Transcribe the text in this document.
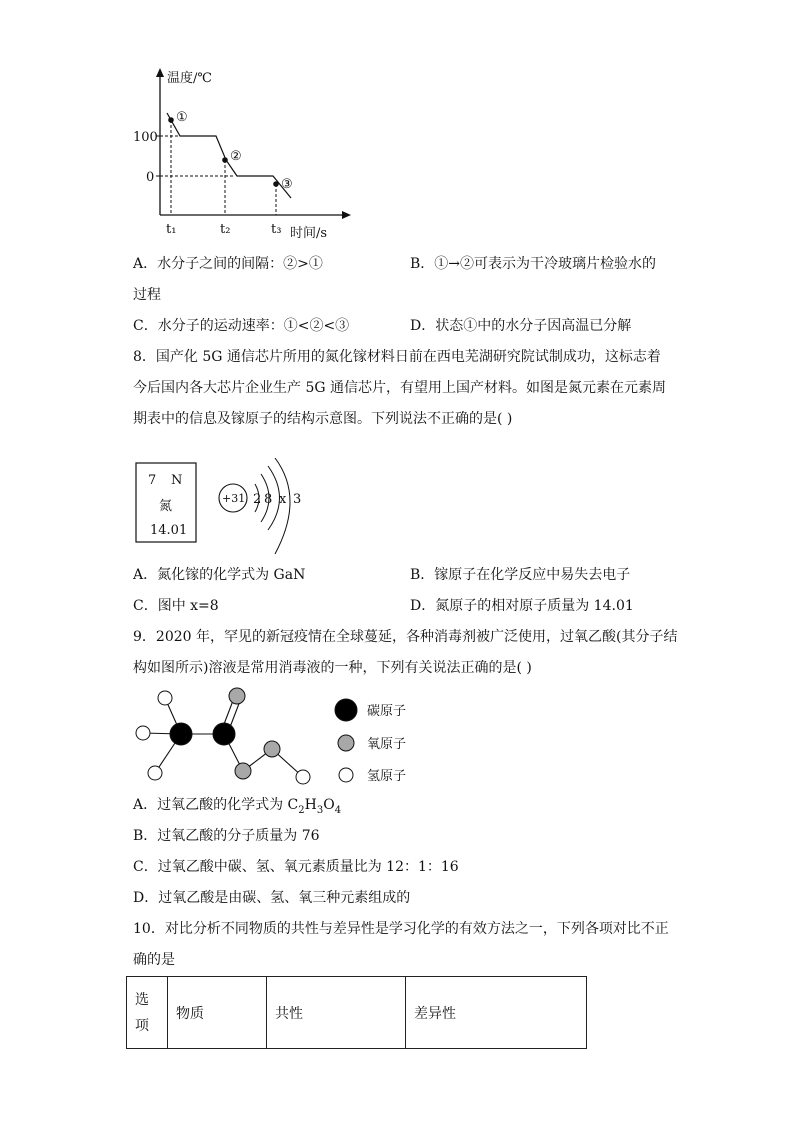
温度/℃
100
0
①
②
③
t₁	t₂	t₃ 时间/s
A．水分子之间的间隔：②>①	B．①→②可表示为干冷玻璃片检验水的
过程
C．水分子的运动速率：①<②<③	D．状态①中的水分子因高温已分解
8．国产化 5G 通信芯片所用的氮化镓材料日前在西电芜湖研究院试制成功，这标志着
今后国内各大芯片企业生产 5G 通信芯片，有望用上国产材料。如图是氮元素在元素周
期表中的信息及镓原子的结构示意图。下列说法不正确的是( )
7 N
氮
14.01
+31 2 8 x 3
A．氮化镓的化学式为 GaN	B．镓原子在化学反应中易失去电子
C．图中 x=8	D．氮原子的相对原子质量为 14.01
9．2020 年，罕见的新冠疫情在全球蔓延，各种消毒剂被广泛使用，过氧乙酸(其分子结
构如图所示)溶液是常用消毒液的一种，下列有关说法正确的是( )
碳原子
氧原子
氢原子
A．过氧乙酸的化学式为 $C_2H_3O_4$
B．过氧乙酸的分子质量为 76
C．过氧乙酸中碳、氢、氧元素质量比为 12：1：16
D．过氧乙酸是由碳、氢、氧三种元素组成的
10．对比分析不同物质的共性与差异性是学习化学的有效方法之一，下列各项对比不正
确的是
选
项	物质	共性	差异性
